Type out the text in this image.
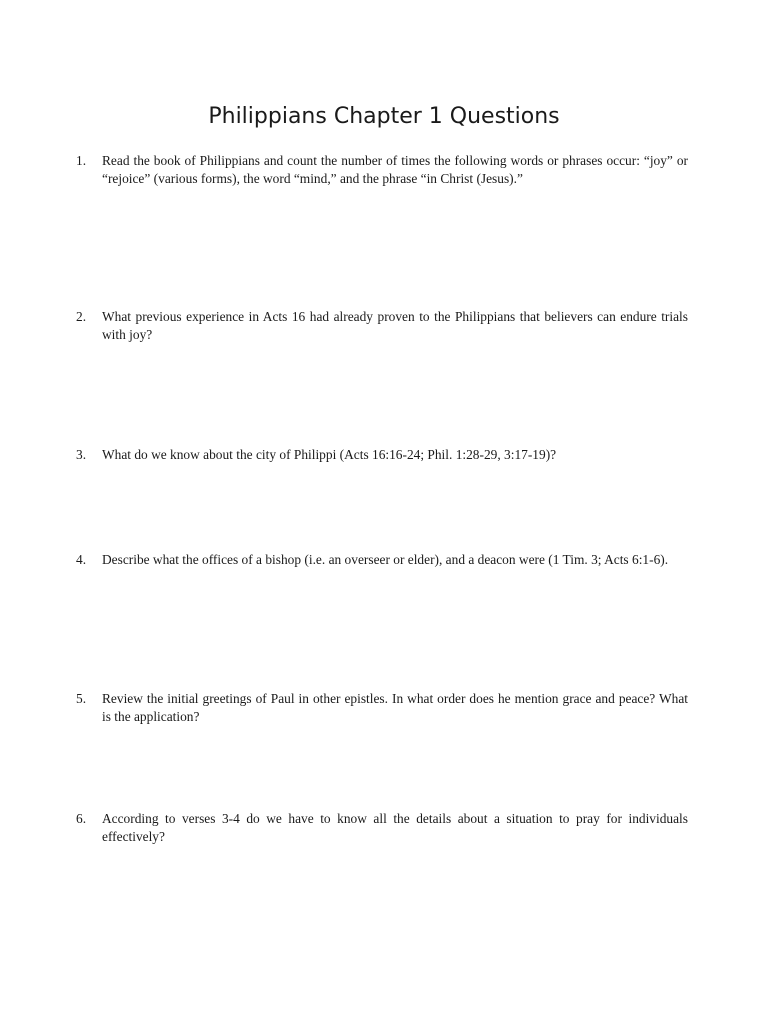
Philippians Chapter 1 Questions
1.	Read the book of Philippians and count the number of times the following words or phrases occur: “joy” or “rejoice” (various forms), the word “mind,” and the phrase “in Christ (Jesus).”
2.	What previous experience in Acts 16 had already proven to the Philippians that believers can endure trials with joy?
3.	What do we know about the city of Philippi (Acts 16:16-24; Phil. 1:28-29, 3:17-19)?
4.	Describe what the offices of a bishop (i.e. an overseer or elder), and a deacon were (1 Tim. 3; Acts 6:1-6).
5.	Review the initial greetings of Paul in other epistles. In what order does he mention grace and peace? What is the application?
6.	According to verses 3-4 do we have to know all the details about a situation to pray for individuals effectively?
